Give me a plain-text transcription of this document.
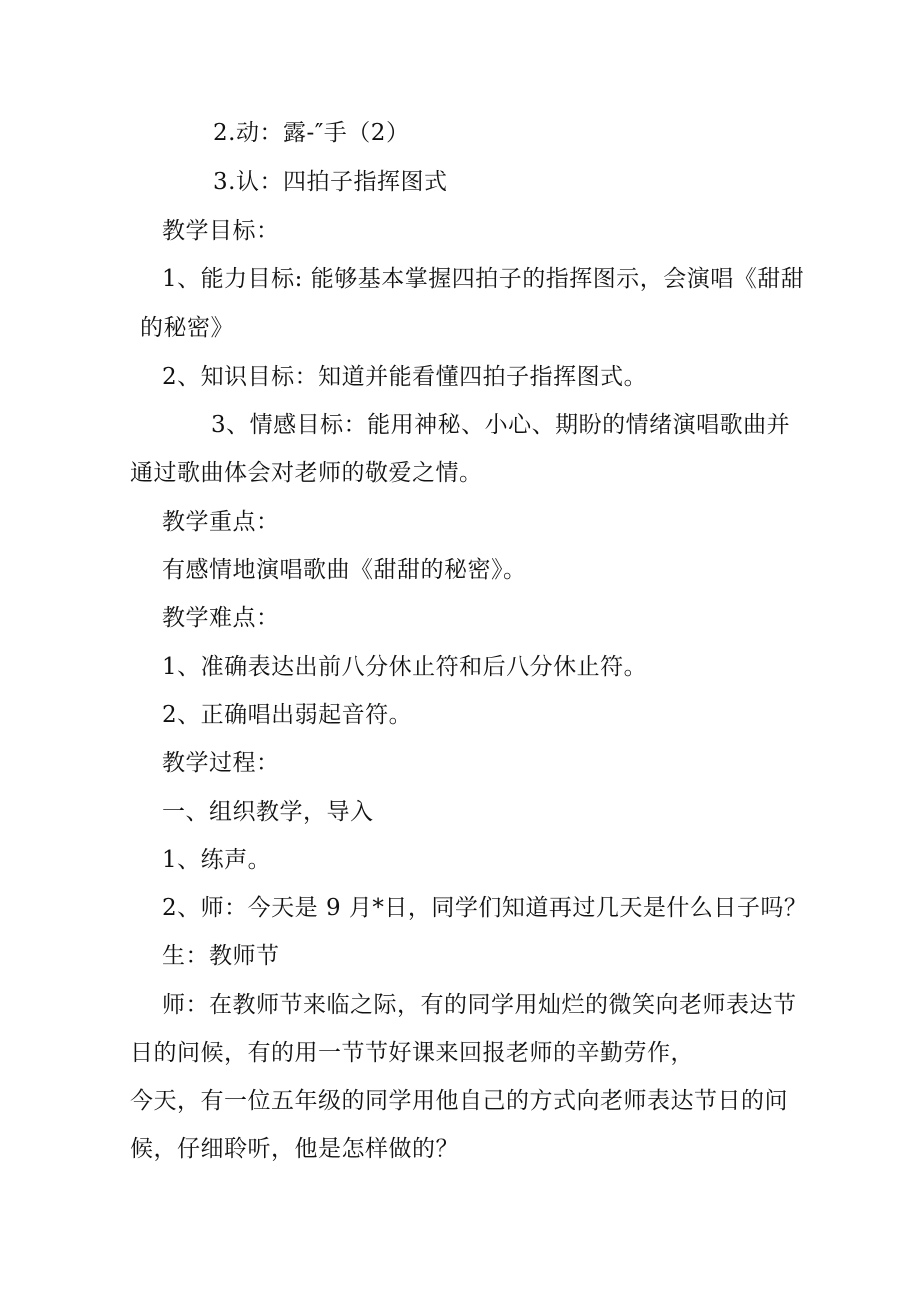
2.动：露-″手（2）
3.认：四拍子指挥图式
教学目标：
1、能力目标: 能够基本掌握四拍子的指挥图示，会演唱《甜甜
的秘密》
2、知识目标：知道并能看懂四拍子指挥图式。
3、情感目标：能用神秘、小心、期盼的情绪演唱歌曲并
通过歌曲体会对老师的敬爱之情。
教学重点：
有感情地演唱歌曲《甜甜的秘密》。
教学难点：
1、准确表达出前八分休止符和后八分休止符。
2、正确唱出弱起音符。
教学过程：
一、组织教学，导入
1、练声。
2、师：今天是 9 月*日，同学们知道再过几天是什么日子吗？
生：教师节
师：在教师节来临之际，有的同学用灿烂的微笑向老师表达节
日的问候，有的用一节节好课来回报老师的辛勤劳作，
今天，有一位五年级的同学用他自己的方式向老师表达节日的问
候，仔细聆听，他是怎样做的？
